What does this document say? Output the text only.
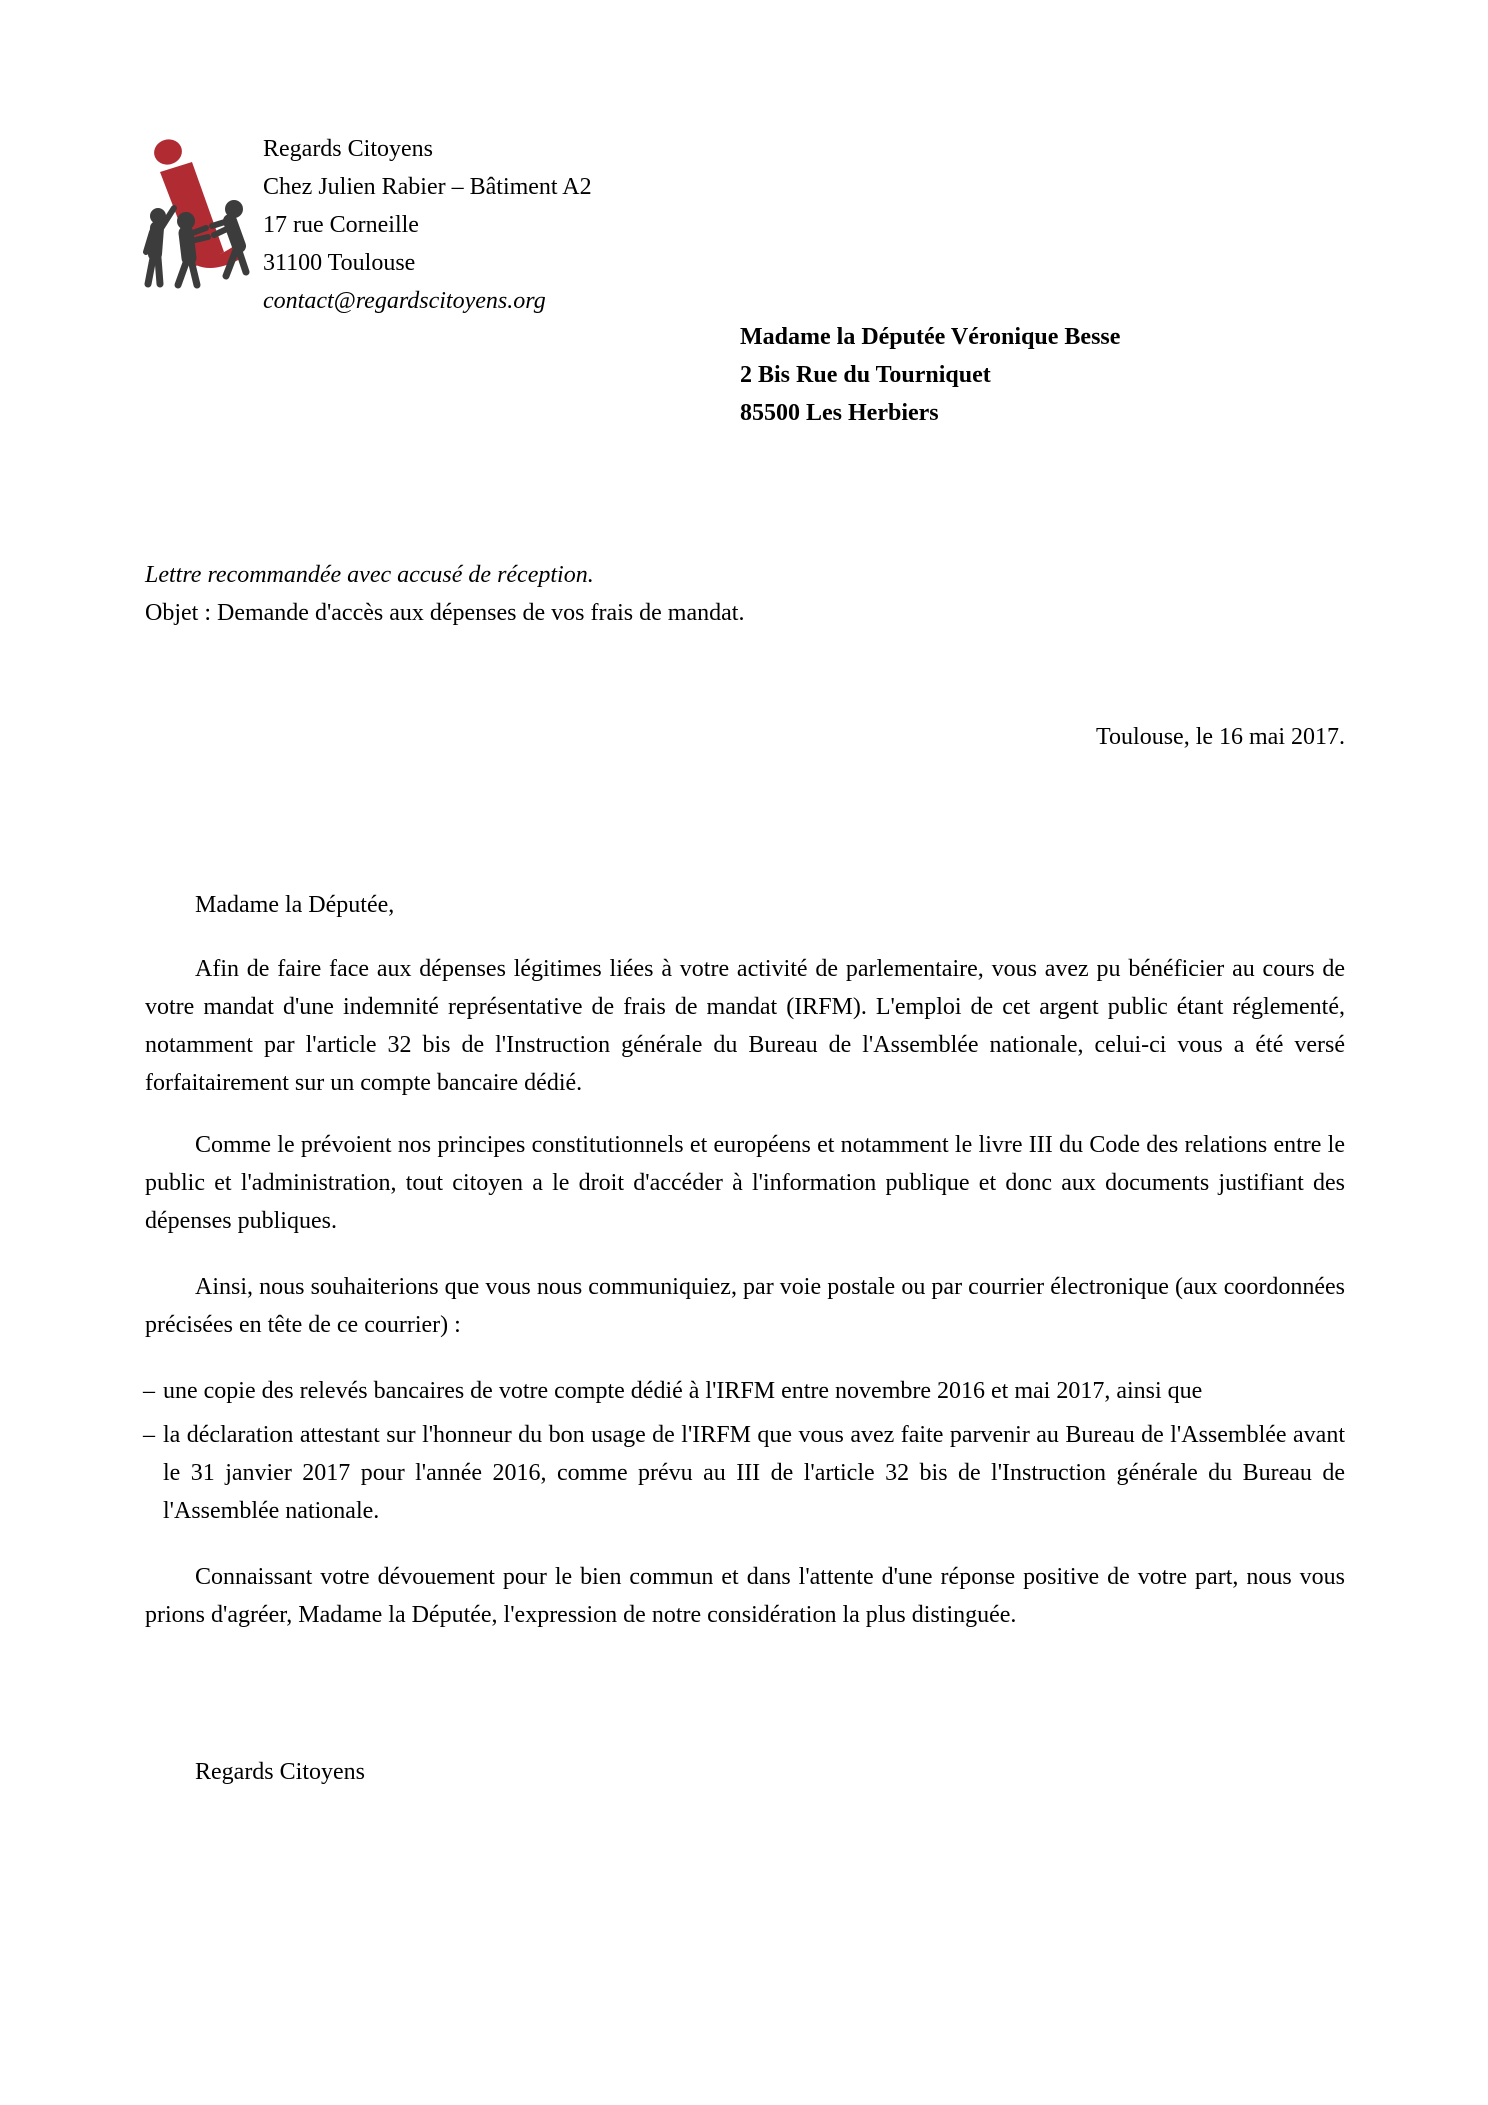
Regards Citoyens
Chez Julien Rabier – Bâtiment A2
17 rue Corneille
31100 Toulouse
contact@regardscitoyens.org
Madame la Députée Véronique Besse
2 Bis Rue du Tourniquet
85500 Les Herbiers
Lettre recommandée avec accusé de réception.
Objet : Demande d'accès aux dépenses de vos frais de mandat.
Toulouse, le 16 mai 2017.
Madame la Députée,
Afin de faire face aux dépenses légitimes liées à votre activité de parlementaire, vous avez pu bénéficier au cours de votre mandat d'une indemnité représentative de frais de mandat (IRFM). L'emploi de cet argent public étant réglementé, notamment par l'article 32 bis de l'Instruction générale du Bureau de l'Assemblée nationale, celui-ci vous a été versé forfaitairement sur un compte bancaire dédié.
Comme le prévoient nos principes constitutionnels et européens et notamment le livre III du Code des relations entre le public et l'administration, tout citoyen a le droit d'accéder à l'information publique et donc aux documents justifiant des dépenses publiques.
Ainsi, nous souhaiterions que vous nous communiquiez, par voie postale ou par courrier électronique (aux coordonnées précisées en tête de ce courrier) :
– une copie des relevés bancaires de votre compte dédié à l'IRFM entre novembre 2016 et mai 2017, ainsi que
– la déclaration attestant sur l'honneur du bon usage de l'IRFM que vous avez faite parvenir au Bureau de l'Assemblée avant le 31 janvier 2017 pour l'année 2016, comme prévu au III de l'article 32 bis de l'Instruction générale du Bureau de l'Assemblée nationale.
Connaissant votre dévouement pour le bien commun et dans l'attente d'une réponse positive de votre part, nous vous prions d'agréer, Madame la Députée, l'expression de notre considération la plus distinguée.
Regards Citoyens
